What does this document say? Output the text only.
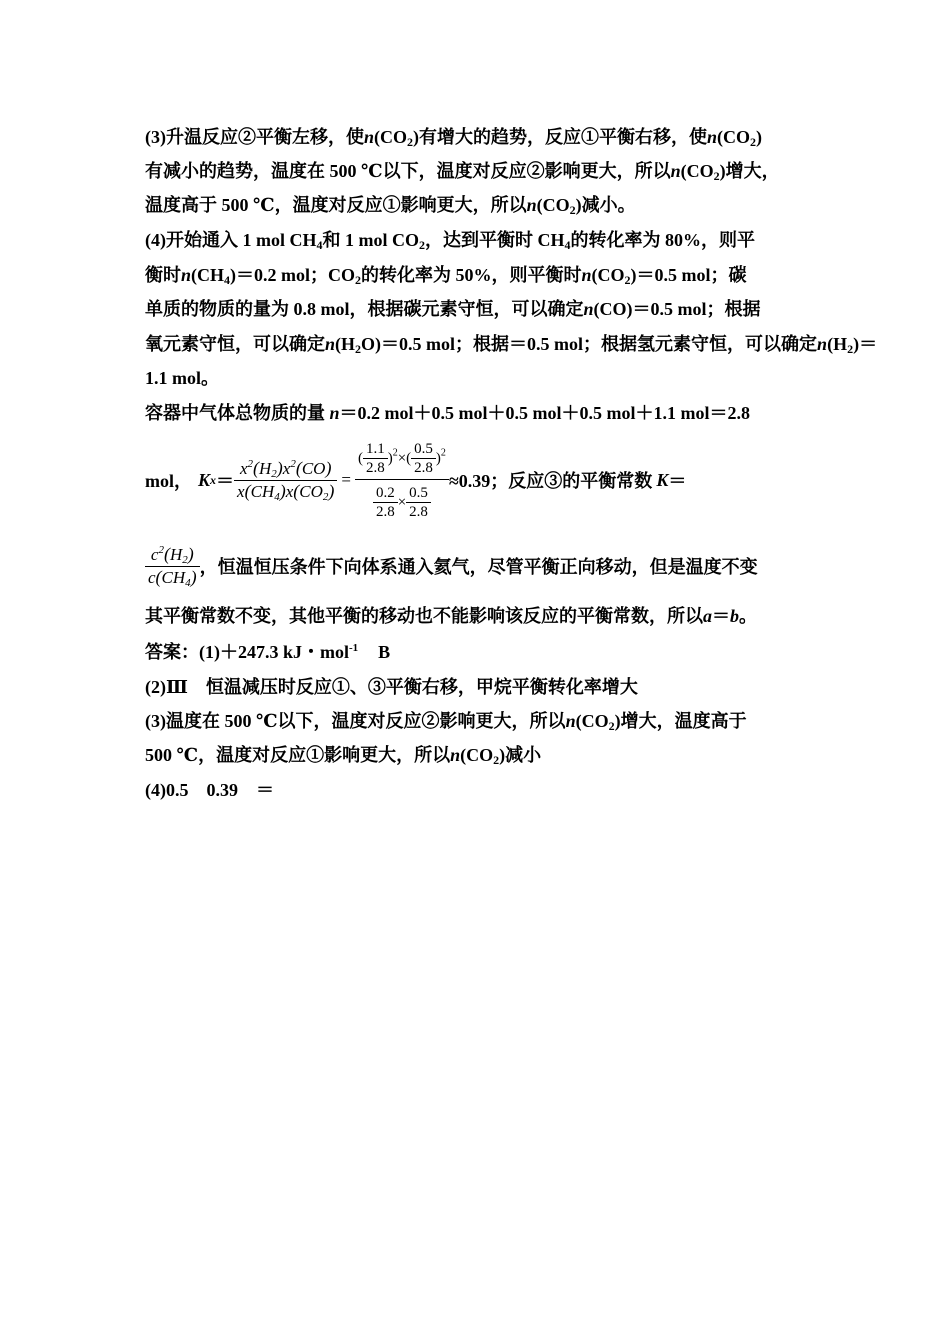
(3)升温反应②平衡左移，使$n(CO_2)$有增大的趋势，反应①平衡右移，使$n(CO_2)$
有减小的趋势，温度在 500 ℃以下，温度对反应②影响更大，所以$n(CO_2)$增大，
温度高于 500 ℃，温度对反应①影响更大，所以$n(CO_2)$减小。
(4)开始通入 1 mol $CH_4$和 1 mol $CO_2$，达到平衡时 $CH_4$的转化率为 80%，则平
衡时$n(CH_4)=0.2$ mol；$CO_2$的转化率为 50%，则平衡时$n(CO_2)=0.5$ mol；碳
单质的物质的量为 0.8 mol，根据碳元素守恒，可以确定n(CO)＝0.5 mol；根据
氧元素守恒，可以确定$n(H_2O)=0.5$ mol；根据＝0.5 mol；根据氢元素守恒，可以确定$n(H_2)=$
1.1 mol。
容器中气体总物质的量 n＝0.2 mol＋0.5 mol＋0.5 mol＋0.5 mol＋1.1 mol＝2.8
mol， K $x = \frac{x^2(H_2)x^2(CO)}{x(CH_4)x(CO_2)} = \frac{( \frac{1.1}{2.8} )^2\times( \frac{0.5}{2.8} )^2}{\frac{0.2}{2.8} \times \frac{0.5}{2.8}} \approx 0.39$；反应③的平衡常数 K ＝
$\frac{c^2(H_2)}{c(CH_4)}$ ，恒温恒压条件下向体系通入氦气，尽管平衡正向移动，但是温度不变
其平衡常数不变，其他平衡的移动也不能影响该反应的平衡常数，所以a＝b。
答案：(1)＋247.3 kJ・mol$^{-1}$ B
(2)Ⅲ　恒温减压时反应①、③平衡右移，甲烷平衡转化率增大
(3)温度在 500 ℃以下，温度对反应②影响更大，所以$n(CO_2)$增大，温度高于
500 ℃，温度对反应①影响更大，所以$n(CO_2)$减小
(4)0.5　0.39　＝
